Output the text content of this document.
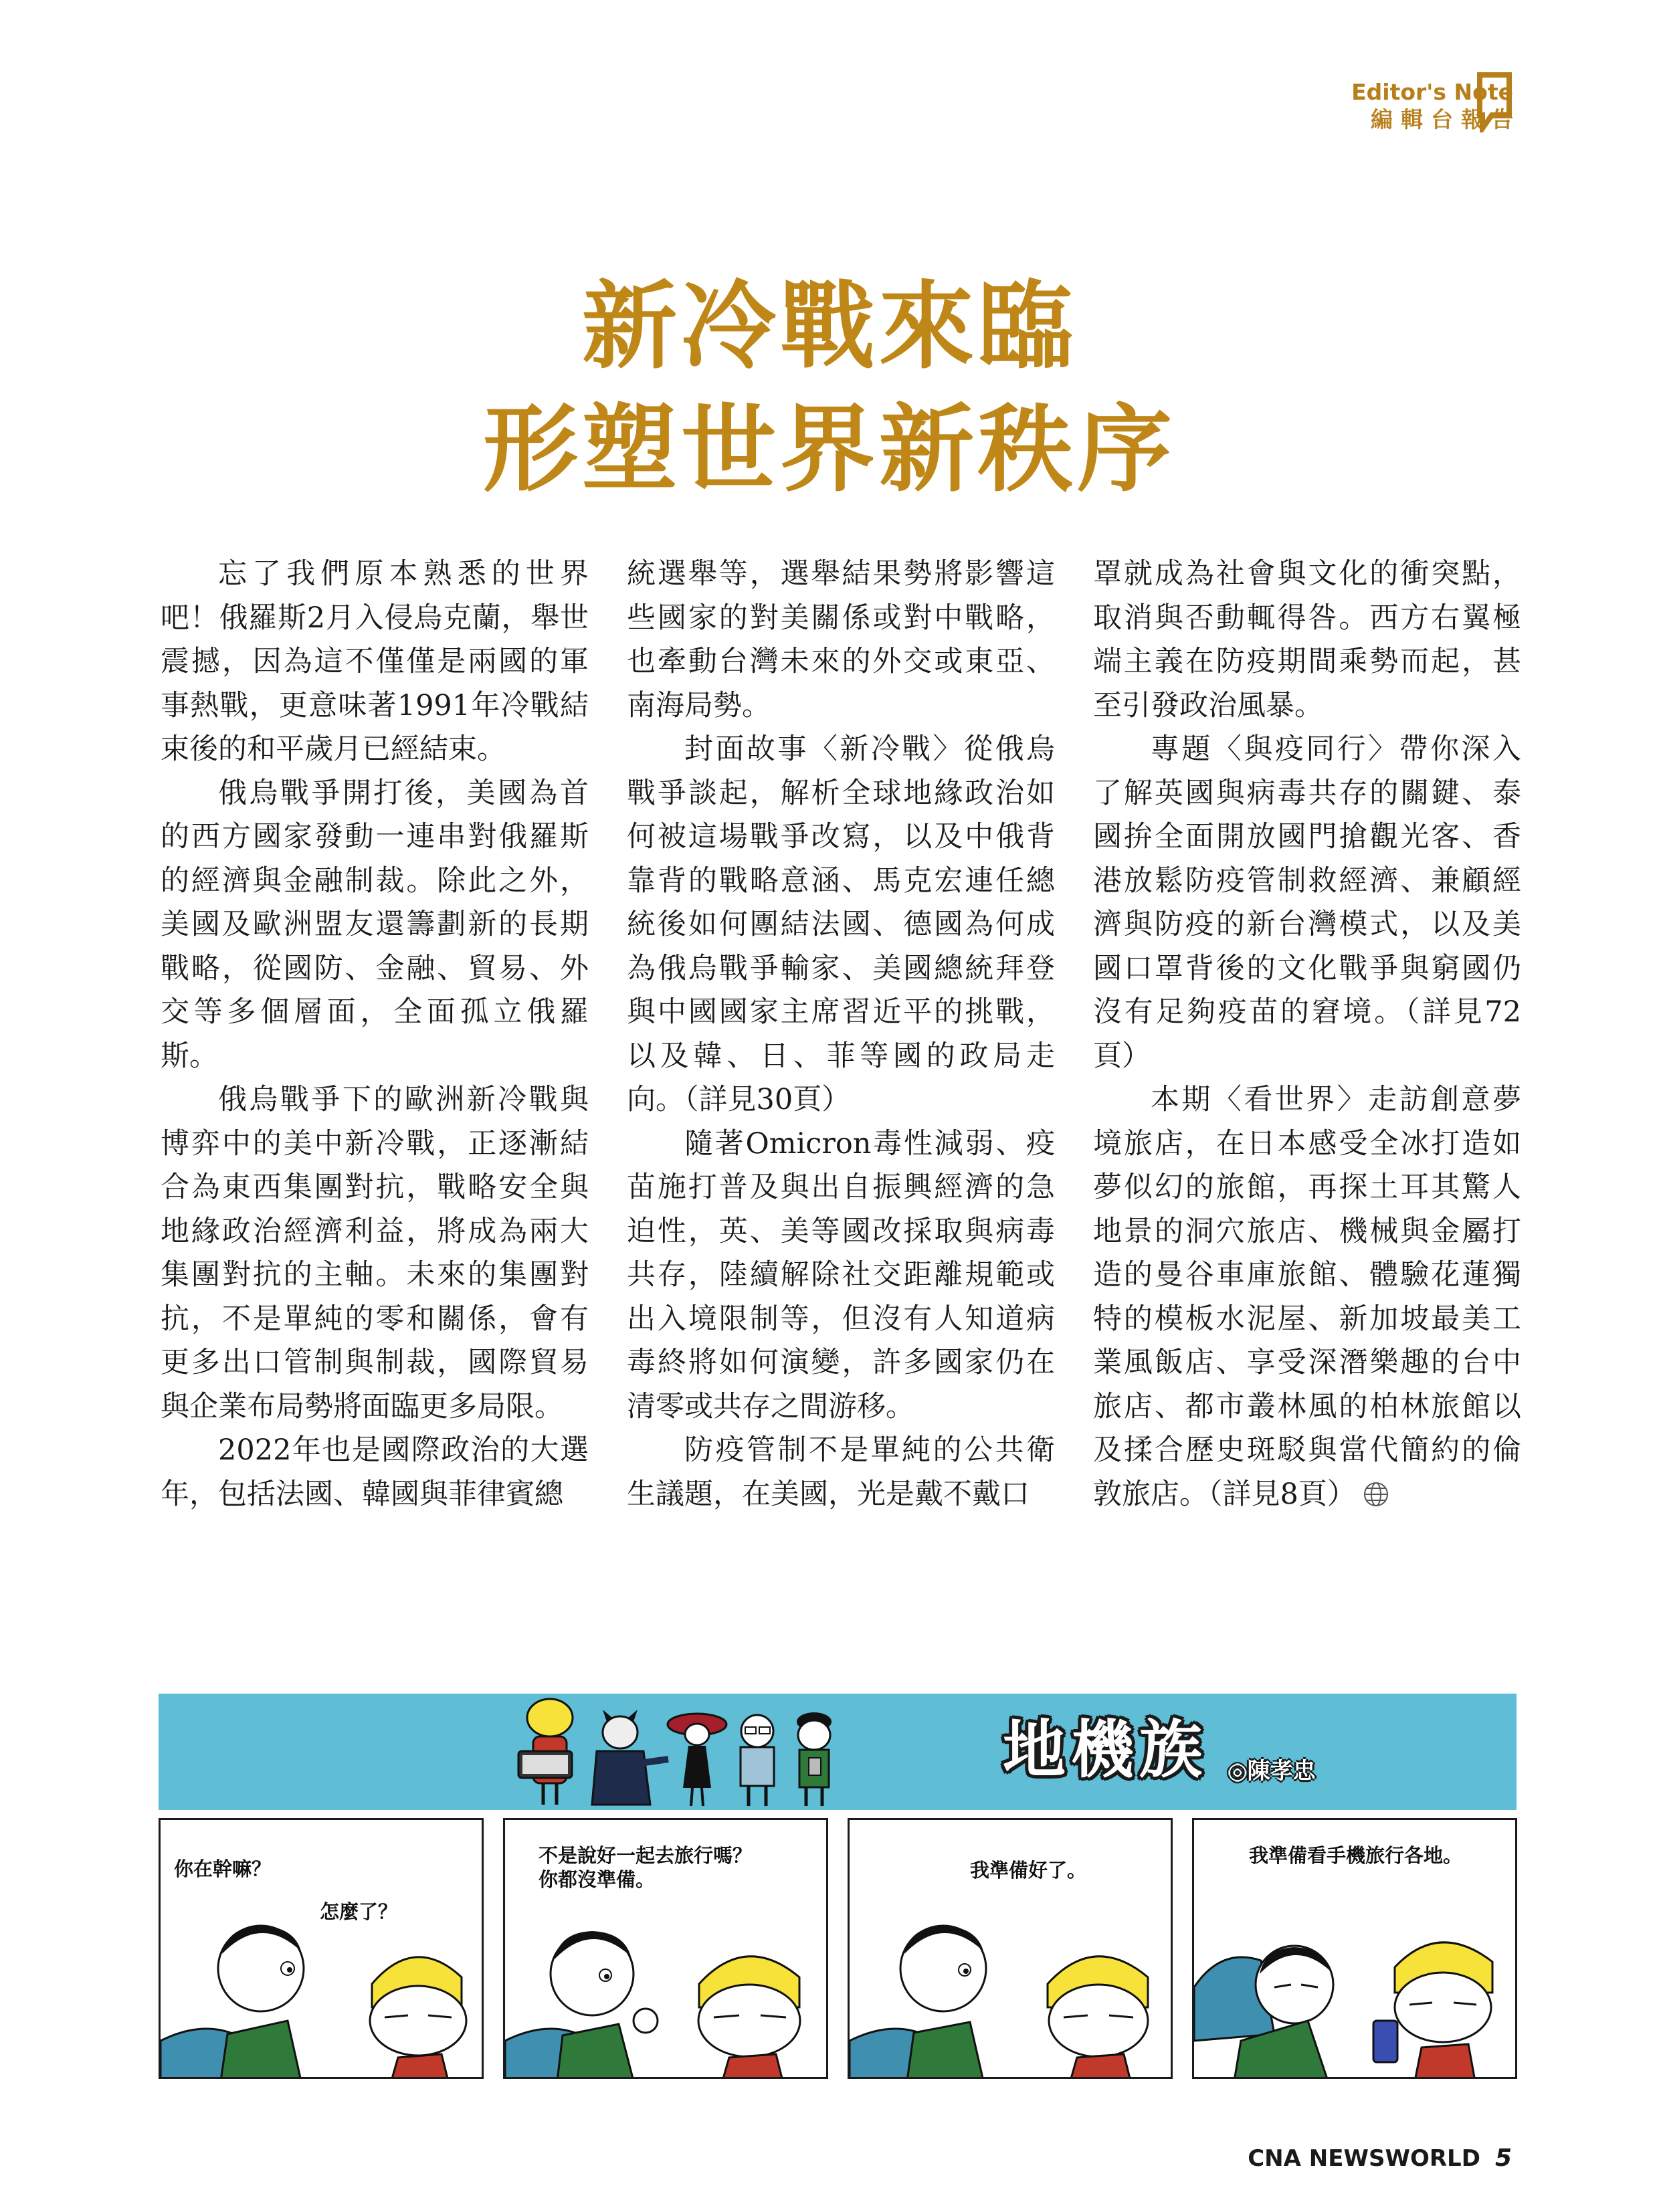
Editor's Note
編輯台報告
新冷戰來臨
形塑世界新秩序

忘了我們原本熟悉的世界吧！俄羅斯2月入侵烏克蘭，舉世震撼，因為這不僅僅是兩國的軍事熱戰，更意味著1991年冷戰結束後的和平歲月已經結束。

俄烏戰爭開打後，美國為首的西方國家發動一連串對俄羅斯的經濟與金融制裁。除此之外，美國及歐洲盟友還籌劃新的長期戰略，從國防、金融、貿易、外交等多個層面，全面孤立俄羅斯。

俄烏戰爭下的歐洲新冷戰與博弈中的美中新冷戰，正逐漸結合為東西集團對抗，戰略安全與地緣政治經濟利益，將成為兩大集團對抗的主軸。未來的集團對抗，不是單純的零和關係，會有更多出口管制與制裁，國際貿易與企業布局勢將面臨更多局限。

2022年也是國際政治的大選年，包括法國、韓國與菲律賓總

統選舉等，選舉結果勢將影響這些國家的對美關係或對中戰略，也牽動台灣未來的外交或東亞、南海局勢。

封面故事〈新冷戰〉從俄烏戰爭談起，解析全球地緣政治如何被這場戰爭改寫，以及中俄背靠背的戰略意涵、馬克宏連任總統後如何團結法國、德國為何成為俄烏戰爭輸家、美國總統拜登與中國國家主席習近平的挑戰，以及韓、日、菲等國的政局走向。（詳見30頁）

隨著Omicron毒性減弱、疫苗施打普及與出自振興經濟的急迫性，英、美等國改採取與病毒共存，陸續解除社交距離規範或出入境限制等，但沒有人知道病毒終將如何演變，許多國家仍在清零或共存之間游移。

防疫管制不是單純的公共衛生議題，在美國，光是戴不戴口

罩就成為社會與文化的衝突點，取消與否動輒得咎。西方右翼極端主義在防疫期間乘勢而起，甚至引發政治風暴。

專題〈與疫同行〉帶你深入了解英國與病毒共存的關鍵、泰國拚全面開放國門搶觀光客、香港放鬆防疫管制救經濟、兼顧經濟與防疫的新台灣模式，以及美國口罩背後的文化戰爭與窮國仍沒有足夠疫苗的窘境。（詳見72頁）

本期〈看世界〉走訪創意夢境旅店，在日本感受全冰打造如夢似幻的旅館，再探土耳其驚人地景的洞穴旅店、機械與金屬打造的曼谷車庫旅館、體驗花蓮獨特的模板水泥屋、新加坡最美工業風飯店、享受深潛樂趣的台中旅店、都市叢林風的柏林旅館以及揉合歷史斑駁與當代簡約的倫敦旅店。（詳見8頁）

地機族 ◎陳孝忠
你在幹嘛？
怎麼了？
不是說好一起去旅行嗎？
你都沒準備。	我準備好了。
我準備看手機旅行各地。
CNA NEWSWORLD 5
